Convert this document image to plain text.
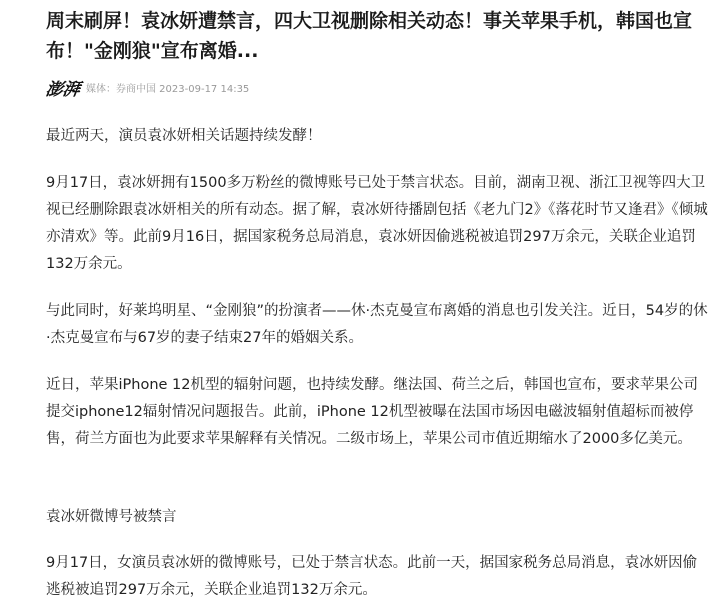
周末刷屏！袁冰妍遭禁言，四大卫视删除相关动态！事关苹果手机，韩国也宣布！"金刚狼"宣布离婚...
澎湃 媒体：券商中国 2023-09-17 14:35

最近两天，演员袁冰妍相关话题持续发酵！

9月17日，袁冰妍拥有1500多万粉丝的微博账号已处于禁言状态。目前，湖南卫视、浙江卫视等四大卫视已经删除跟袁冰妍相关的所有动态。据了解，袁冰妍待播剧包括《老九门2》《落花时节又逢君》《倾城亦清欢》等。此前9月16日，据国家税务总局消息，袁冰妍因偷逃税被追罚297万余元，关联企业追罚132万余元。

与此同时，好莱坞明星、“金刚狼”的扮演者——休·杰克曼宣布离婚的消息也引发关注。近日，54岁的休·杰克曼宣布与67岁的妻子结束27年的婚姻关系。

近日，苹果iPhone 12机型的辐射问题，也持续发酵。继法国、荷兰之后，韩国也宣布，要求苹果公司提交iphone12辐射情况问题报告。此前，iPhone 12机型被曝在法国市场因电磁波辐射值超标而被停售，荷兰方面也为此要求苹果解释有关情况。二级市场上，苹果公司市值近期缩水了2000多亿美元。

袁冰妍微博号被禁言

9月17日，女演员袁冰妍的微博账号，已处于禁言状态。此前一天，据国家税务总局消息，袁冰妍因偷逃税被追罚297万余元，关联企业追罚132万余元。
